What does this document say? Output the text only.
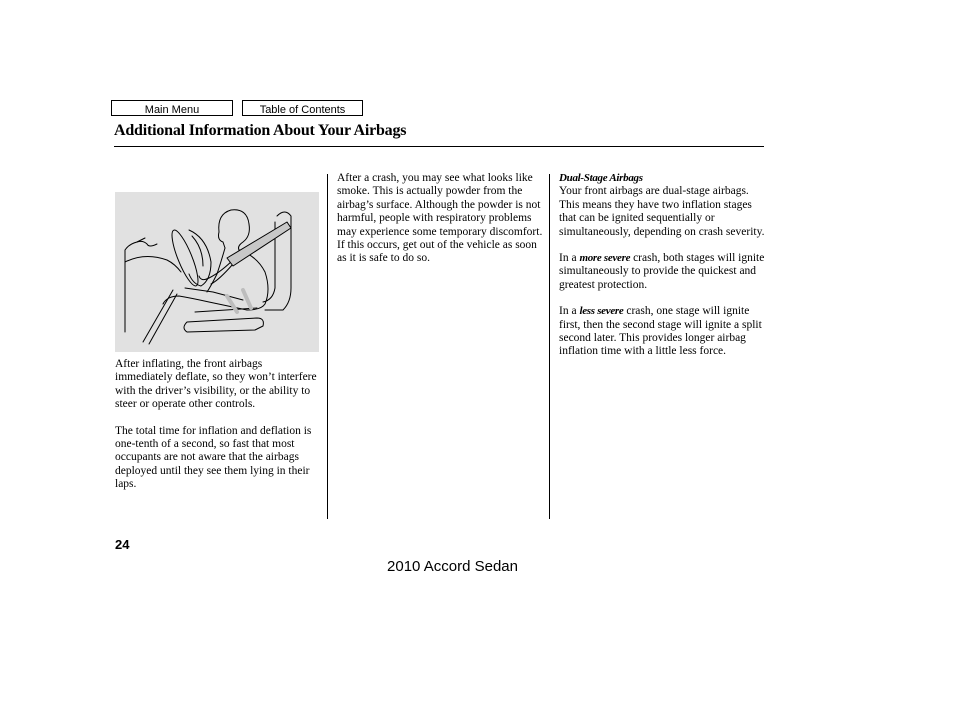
Main Menu	Table of Contents
Additional Information About Your Airbags

After inflating, the front airbags immediately deflate, so they won’t interfere with the driver’s visibility, or the ability to steer or operate other controls.

The total time for inflation and deflation is one-tenth of a second, so fast that most occupants are not aware that the airbags deployed until they see them lying in their laps.

After a crash, you may see what looks like smoke. This is actually powder from the airbag’s surface. Although the powder is not harmful, people with respiratory problems may experience some temporary discomfort. If this occurs, get out of the vehicle as soon as it is safe to do so.

Dual-Stage Airbags

Your front airbags are dual-stage airbags. This means they have two inflation stages that can be ignited sequentially or simultaneously, depending on crash severity.

In a more severe crash, both stages will ignite simultaneously to provide the quickest and greatest protection.

In a less severe crash, one stage will ignite first, then the second stage will ignite a split second later. This provides longer airbag inflation time with a little less force.

24
2010 Accord Sedan
